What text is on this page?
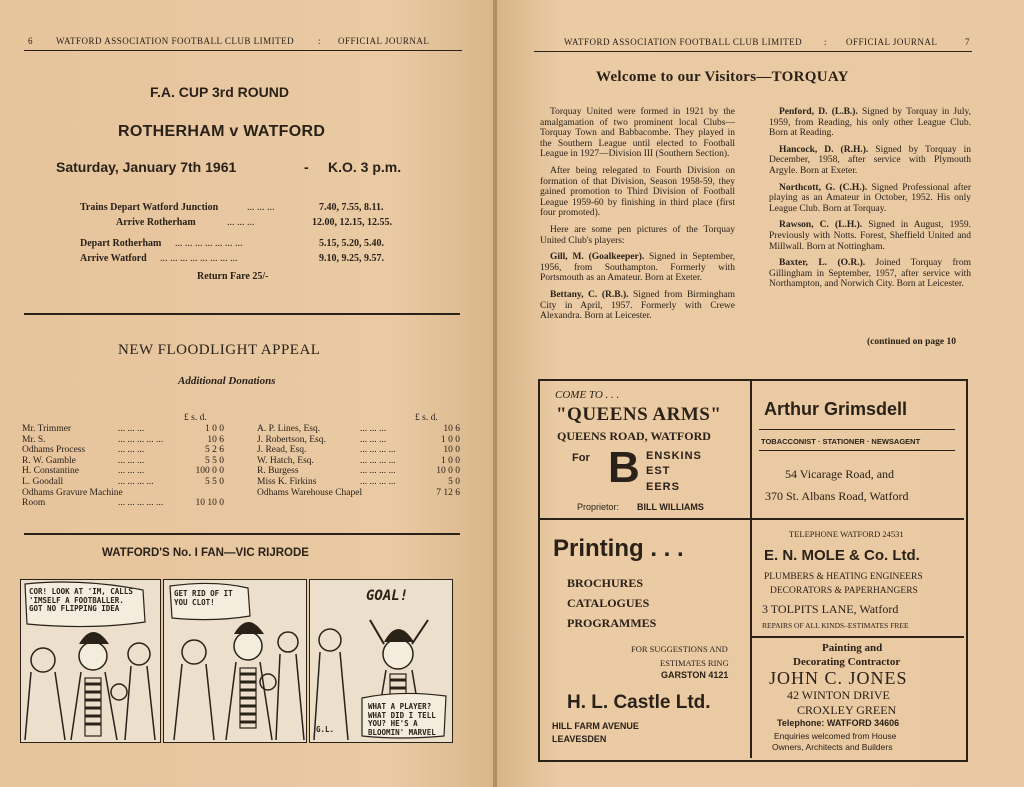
6	WATFORD ASSOCIATION FOOTBALL CLUB LIMITED	: OFFICIAL JOURNAL
F.A. CUP 3rd ROUND
ROTHERHAM v WATFORD
Saturday, January 7th 1961	- K.O. 3 p.m.
Trains Depart Watford Junction	... ... ...	7.40, 7.55, 8.11.
Arrive Rotherham	... ... ...	12.00, 12.15, 12.55.
Depart Rotherham ... ... ... ... ... ... ...	5.15, 5.20, 5.40.
Arrive Watford ... ... ... ... ... ... ... ...	9.10, 9.25, 9.57.
Return Fare 25/-
NEW FLOODLIGHT APPEAL
Additional Donations
£ s. d.	£ s. d.
Mr. Trimmer	... ... ...	1 0 0
Mr. S.	... ... ... ... ...	10 6
Odhams Process	... ... ...	5 2 6
R. W. Gamble	... ... ...	5 5 0
H. Constantine	... ... ...	100 0 0
L. Goodall	... ... ... ...	5 5 0
Odhams Gravure Machine
Room	... ... ... ... ...	10 10 0
A. P. Lines, Esq.	... ... ...	10 6
J. Robertson, Esq.	... ... ...	1 0 0
J. Read, Esq.	... ... ... ...	10 0
W. Hatch, Esq.	... ... ... ...	1 0 0
R. Burgess	... ... ... ...	10 0 0
Miss K. Firkins	... ... ... ...	5 0
Odhams Warehouse Chapel	7 12 6
WATFORD'S No. I FAN—VIC RIJRODE
COR! LOOK AT 'IM, CALLS 'IMSELF A FOOTBALLER. GOT NO FLIPPING IDEA
GET RID OF IT YOU CLOT!	GOAL!
WHAT A PLAYER? WHAT DID I TELL YOU? HE'S A BLOOMIN' MARVEL
G.L.
WATFORD ASSOCIATION FOOTBALL CLUB LIMITED : OFFICIAL JOURNAL	7
Welcome to our Visitors—TORQUAY

Torquay United were formed in 1921 by the amalgamation of two prominent local Clubs—Torquay Town and Babbacombe. They played in the Southern League until elected to Football League in 1927—Division III (Southern Section).

After being relegated to Fourth Division on formation of that Division, Season 1958-59, they gained promotion to Third Division of Football League 1959-60 by finishing in third place (first four promoted).

Here are some pen pictures of the Torquay United Club's players:

Gill, M. (Goalkeeper). Signed in September, 1956, from Southampton. Formerly with Portsmouth as an Amateur. Born at Exeter.

Bettany, C. (R.B.). Signed from Birmingham City in April, 1957. Formerly with Crewe Alexandra. Born at Leicester.

Penford, D. (L.B.). Signed by Torquay in July, 1959, from Reading, his only other League Club. Born at Reading.

Hancock, D. (R.H.). Signed by Torquay in December, 1958, after service with Plymouth Argyle. Born at Exeter.

Northcott, G. (C.H.). Signed Professional after playing as an Amateur in October, 1952. His only League Club. Born at Torquay.

Rawson, C. (L.H.). Signed in August, 1959. Previously with Notts. Forest, Sheffield United and Millwall. Born at Nottingham.

Baxter, L. (O.R.). Joined Torquay from Gillingham in September, 1957, after service with Northampton, and Norwich City. Born at Leicester.

(continued on page 10
COME TO . . .
"QUEENS ARMS"
QUEENS ROAD, WATFORD
For B ENSKINS
EST
EERS
Proprietor: BILL WILLIAMS
Arthur Grimsdell
TOBACCONIST · STATIONER · NEWSAGENT
54 Vicarage Road, and
370 St. Albans Road, Watford
Printing . . .
BROCHURES
CATALOGUES
PROGRAMMES
FOR SUGGESTIONS AND
ESTIMATES RING
GARSTON 4121
H. L. Castle Ltd.
HILL FARM AVENUE
LEAVESDEN
TELEPHONE WATFORD 24531
E. N. MOLE & Co. Ltd.
PLUMBERS & HEATING ENGINEERS
DECORATORS & PAPERHANGERS
3 TOLPITS LANE, Watford
REPAIRS OF ALL KINDS–ESTIMATES FREE
Painting and
Decorating Contractor
JOHN C. JONES
42 WINTON DRIVE
CROXLEY GREEN
Telephone: WATFORD 34606
Enquiries welcomed from House
Owners, Architects and Builders
